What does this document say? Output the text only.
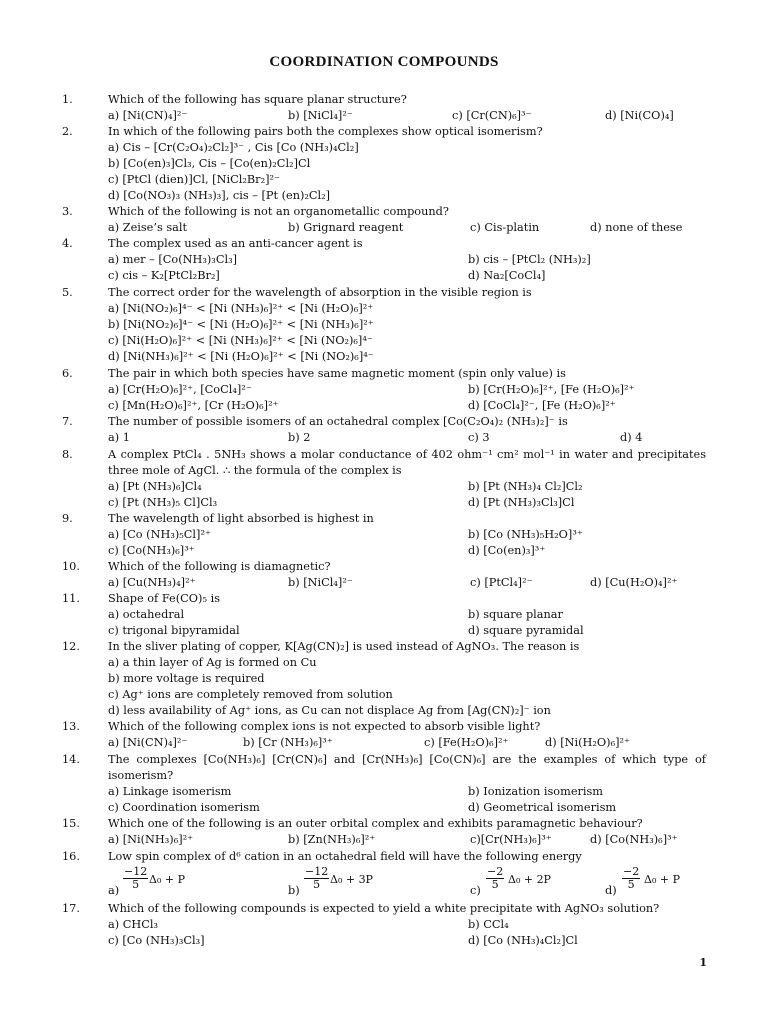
COORDINATION COMPOUNDS
1.	Which of the following has square planar structure?
a) [Ni(CN)₄]²⁻	b) [NiCl₄]²⁻	c) [Cr(CN)₆]³⁻	d) [Ni(CO)₄]
2.	In which of the following pairs both the complexes show optical isomerism?
a) Cis – [Cr(C₂O₄)₂Cl₂]³⁻ , Cis [Co (NH₃)₄Cl₂]
b) [Co(en)₃]Cl₃, Cis – [Co(en)₂Cl₂]Cl
c) [PtCl (dien)]Cl, [NiCl₂Br₂]²⁻
d) [Co(NO₃)₃ (NH₃)₃], cis – [Pt (en)₂Cl₂]
3.	Which of the following is not an organometallic compound?
a) Zeise’s salt	b) Grignard reagent	c) Cis-platin	d) none of these
4.	The complex used as an anti-cancer agent is
a) mer – [Co(NH₃)₃Cl₃]	b) cis – [PtCl₂ (NH₃)₂]
c) cis – K₂[PtCl₂Br₂]	d) Na₂[CoCl₄]
5.	The correct order for the wavelength of absorption in the visible region is
a) [Ni(NO₂)₆]⁴⁻ < [Ni (NH₃)₆]²⁺ < [Ni (H₂O)₆]²⁺
b) [Ni(NO₂)₆]⁴⁻ < [Ni (H₂O)₆]²⁺ < [Ni (NH₃)₆]²⁺
c) [Ni(H₂O)₆]²⁺ < [Ni (NH₃)₆]²⁺ < [Ni (NO₂)₆]⁴⁻
d) [Ni(NH₃)₆]²⁺ < [Ni (H₂O)₆]²⁺ < [Ni (NO₂)₆]⁴⁻
6.	The pair in which both species have same magnetic moment (spin only value) is
a) [Cr(H₂O)₆]²⁺, [CoCl₄]²⁻	b) [Cr(H₂O)₆]²⁺, [Fe (H₂O)₆]²⁺
c) [Mn(H₂O)₆]²⁺, [Cr (H₂O)₆]²⁺	d) [CoCl₄]²⁻, [Fe (H₂O)₆]²⁺
7.	The number of possible isomers of an octahedral complex [Co(C₂O₄)₂ (NH₃)₂]⁻ is
a) 1	b) 2	c) 3	d) 4
8.	A complex PtCl₄ . 5NH₃ shows a molar conductance of 402 ohm⁻¹ cm² mol⁻¹ in water and precipitates three mole of AgCl. ∴ the formula of the complex is
a) [Pt (NH₃)₆]Cl₄	b) [Pt (NH₃)₄ Cl₂]Cl₂
c) [Pt (NH₃)₅ Cl]Cl₃	d) [Pt (NH₃)₃Cl₃]Cl
9.	The wavelength of light absorbed is highest in
a) [Co (NH₃)₅Cl]²⁺	b) [Co (NH₃)₅H₂O]³⁺
c) [Co(NH₃)₆]³⁺	d) [Co(en)₃]³⁺
10. Which of the following is diamagnetic?
a) [Cu(NH₃)₄]²⁺	b) [NiCl₄]²⁻	c) [PtCl₄]²⁻	d) [Cu(H₂O)₄]²⁺
11. Shape of Fe(CO)₅ is
a) octahedral	b) square planar
c) trigonal bipyramidal	d) square pyramidal
12. In the sliver plating of copper, K[Ag(CN)₂] is used instead of AgNO₃. The reason is
a) a thin layer of Ag is formed on Cu
b) more voltage is required
c) Ag⁺ ions are completely removed from solution
d) less availability of Ag⁺ ions, as Cu can not displace Ag from [Ag(CN)₂]⁻ ion
13. Which of the following complex ions is not expected to absorb visible light?
a) [Ni(CN)₄]²⁻	b) [Cr (NH₃)₆]³⁺	c) [Fe(H₂O)₆]²⁺	d) [Ni(H₂O)₆]²⁺
14. The complexes [Co(NH₃)₆] [Cr(CN)₆] and [Cr(NH₃)₆] [Co(CN)₆] are the examples of which type of isomerism?
a) Linkage isomerism	b) Ionization isomerism
c) Coordination isomerism	d) Geometrical isomerism
15. Which one of the following is an outer orbital complex and exhibits paramagnetic behaviour?
a) [Ni(NH₃)₆]²⁺	b) [Zn(NH₃)₆]²⁺	c)[Cr(NH₃)₆]³⁺	d) [Co(NH₃)₆]³⁺
16. Low spin complex of d⁶ cation in an octahedral field will have the following energy
a)
−12
5 Δ₀ + P
b)
−12
5 Δ₀ + 3P
c)
−2
5 Δ₀ + 2P
d)
−2
5 Δ₀ + P
17. Which of the following compounds is expected to yield a white precipitate with AgNO₃ solution?
a) CHCl₃	b) CCl₄
c) [Co (NH₃)₃Cl₃]	d) [Co (NH₃)₄Cl₂]Cl
1
